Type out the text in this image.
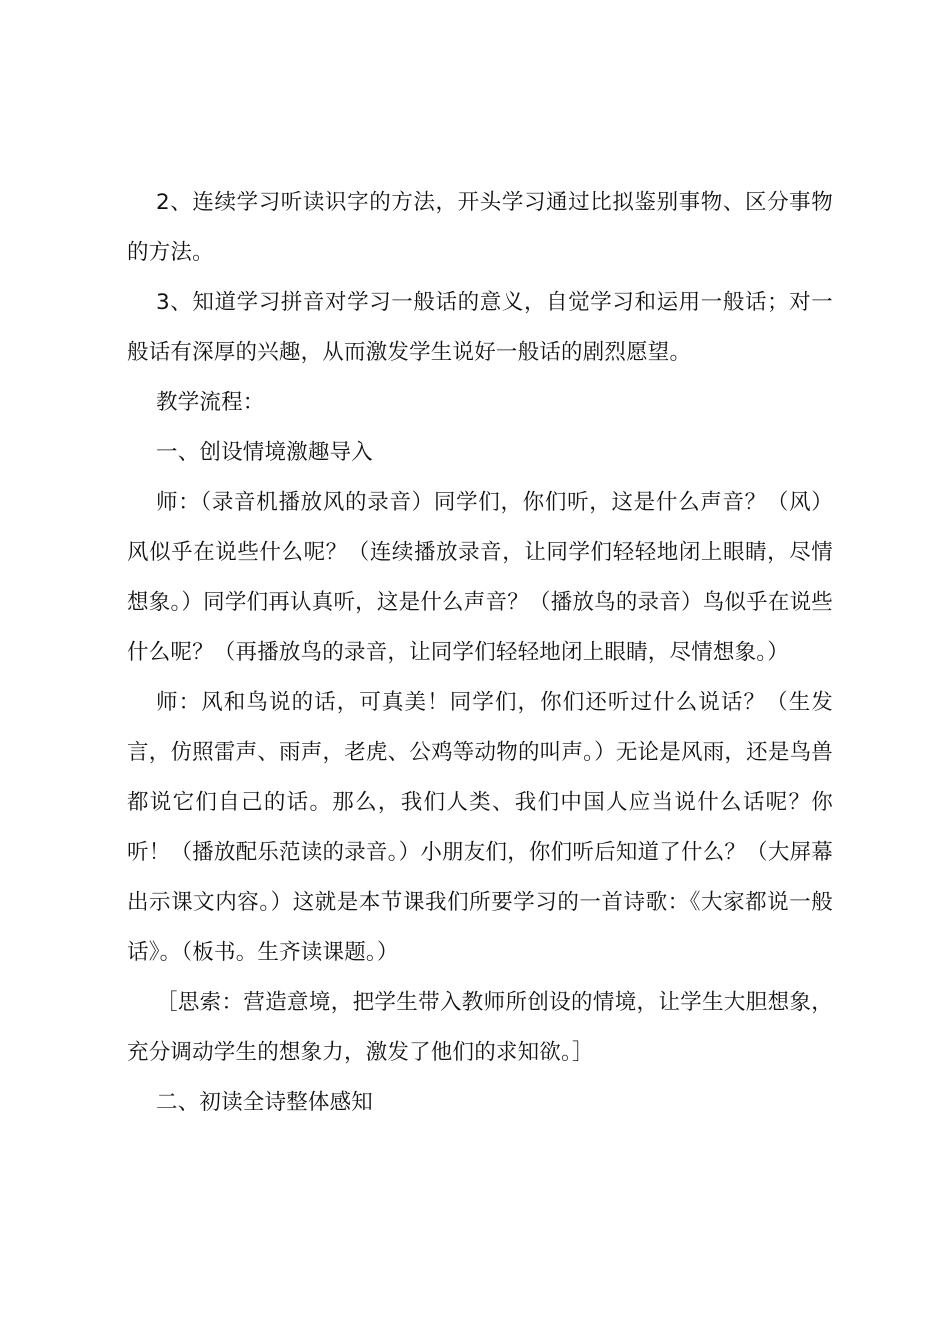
2、连续学习听读识字的方法，开头学习通过比拟鉴别事物、区分事物的方法。

3、知道学习拼音对学习一般话的意义，自觉学习和运用一般话；对一般话有深厚的兴趣，从而激发学生说好一般话的剧烈愿望。

教学流程：

一、创设情境激趣导入

师：（录音机播放风的录音）同学们，你们听，这是什么声音？（风）风似乎在说些什么呢？（连续播放录音，让同学们轻轻地闭上眼睛，尽情想象。）同学们再认真听，这是什么声音？（播放鸟的录音）鸟似乎在说些什么呢？（再播放鸟的录音，让同学们轻轻地闭上眼睛，尽情想象。）

师：风和鸟说的话，可真美！同学们，你们还听过什么说话？（生发言，仿照雷声、雨声，老虎、公鸡等动物的叫声。）无论是风雨，还是鸟兽都说它们自己的话。那么，我们人类、我们中国人应当说什么话呢？你听！（播放配乐范读的录音。）小朋友们，你们听后知道了什么？（大屏幕出示课文内容。）这就是本节课我们所要学习的一首诗歌：《大家都说一般话》。（板书。生齐读课题。）

［思索：营造意境，把学生带入教师所创设的情境，让学生大胆想象，充分调动学生的想象力，激发了他们的求知欲。］

二、初读全诗整体感知
